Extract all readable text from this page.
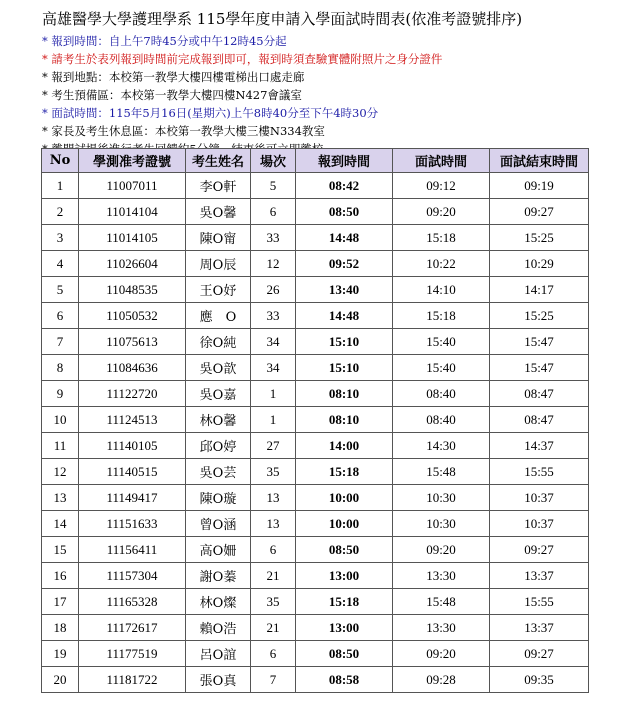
高雄醫學大學護理學系 115學年度申請入學面試時間表(依准考證號排序)
* 報到時間：自上午7時45分或中午12時45分起
* 請考生於表列報到時間前完成報到即可，報到時須查驗實體附照片之身分證件
* 報到地點：本校第一教學大樓四樓電梯出口處走廊
* 考生預備區：本校第一教學大樓四樓N427會議室
* 面試時間：115年5月16日(星期六)上午8時40分至下午4時30分
* 家長及考生休息區：本校第一教學大樓三樓N334教室
No	學測准考證號	考生姓名	場次	報到時間	面試時間	面試結束時間
1	11007011	李O軒	5	08:42	09:12	09:19
2	11014104	吳O馨	6	08:50	09:20	09:27
3	11014105	陳O甯	33	14:48	15:18	15:25
4	11026604	周O辰	12	09:52	10:22	10:29
5	11048535	王O妤	26	13:40	14:10	14:17
6	11050532	應　O	33	14:48	15:18	15:25
7	11075613	徐O純	34	15:10	15:40	15:47
8	11084636	吳O歆	34	15:10	15:40	15:47
9	11122720	吳O嘉	1	08:10	08:40	08:47
10	11124513	林O馨	1	08:10	08:40	08:47
11	11140105	邱O婷	27	14:00	14:30	14:37
12	11140515	吳O芸	35	15:18	15:48	15:55
13	11149417	陳O璇	13	10:00	10:30	10:37
14	11151633	曾O涵	13	10:00	10:30	10:37
15	11156411	高O姍	6	08:50	09:20	09:27
16	11157304	謝O蓁	21	13:00	13:30	13:37
17	11165328	林O燦	35	15:18	15:48	15:55
18	11172617	賴O浩	21	13:00	13:30	13:37
19	11177519	呂O誼	6	08:50	09:20	09:27
20	11181722	張O真	7	08:58	09:28	09:35
